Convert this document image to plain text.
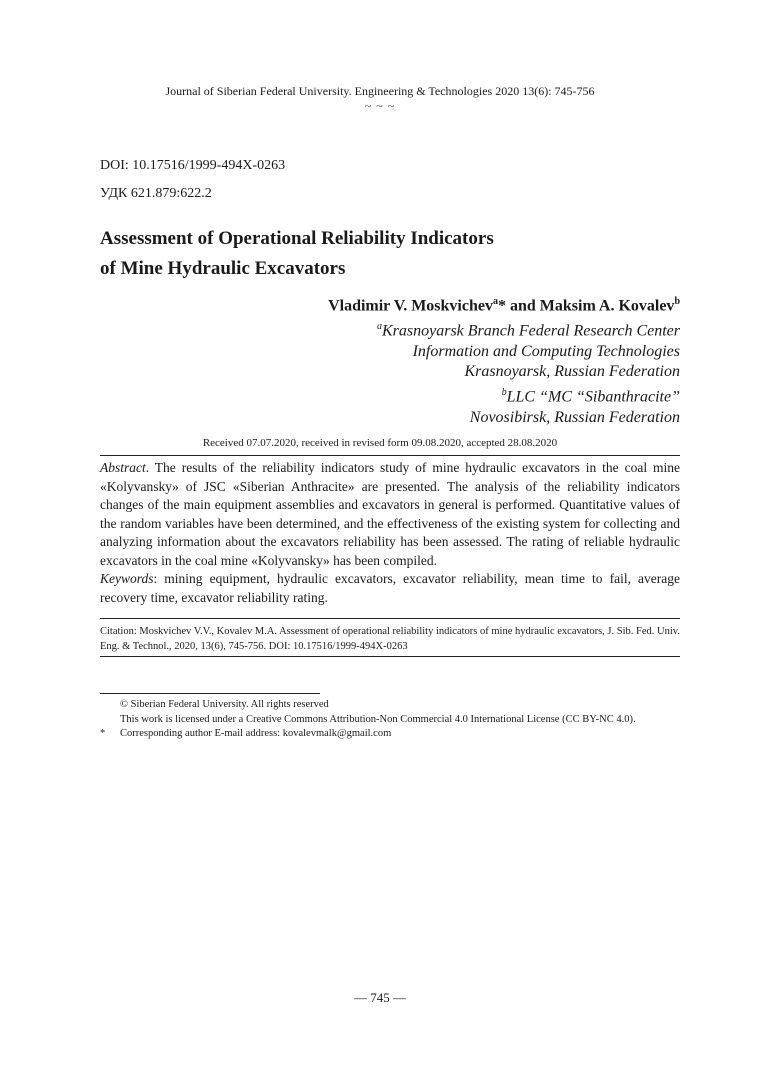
Journal of Siberian Federal University. Engineering & Technologies 2020 13(6): 745-756
~ ~ ~
DOI: 10.17516/1999-494X-0263
УДК 621.879:622.2
Assessment of Operational Reliability Indicators
of Mine Hydraulic Excavators
Vladimir V. Moskvichev$^a$* and Maksim A. Kovalev$^b$
$^a$Krasnoyarsk Branch Federal Research Center
Information and Computing Technologies
Krasnoyarsk, Russian Federation
$^b$LLC “MC “Sibanthracite”
Novosibirsk, Russian Federation
Received 07.07.2020, received in revised form 09.08.2020, accepted 28.08.2020

Abstract. The results of the reliability indicators study of mine hydraulic excavators in the coal mine «Kolyvansky» of JSC «Siberian Anthracite» are presented. The analysis of the reliability indicators changes of the main equipment assemblies and excavators in general is performed. Quantitative values of the random variables have been determined, and the effectiveness of the existing system for collecting and analyzing information about the excavators reliability has been assessed. The rating of reliable hydraulic excavators in the coal mine «Kolyvansky» has been compiled.

Keywords: mining equipment, hydraulic excavators, excavator reliability, mean time to fail, average recovery time, excavator reliability rating.

Citation: Moskvichev V.V., Kovalev M.A. Assessment of operational reliability indicators of mine hydraulic excavators, J. Sib. Fed. Univ. Eng. & Technol., 2020, 13(6), 745-756. DOI: 10.17516/1999-494X-0263

© Siberian Federal University. All rights reserved
This work is licensed under a Creative Commons Attribution-Non Commercial 4.0 International License (CC BY-NC 4.0).
* Corresponding author E-mail address: kovalevmalk@gmail.com
— 745 —
